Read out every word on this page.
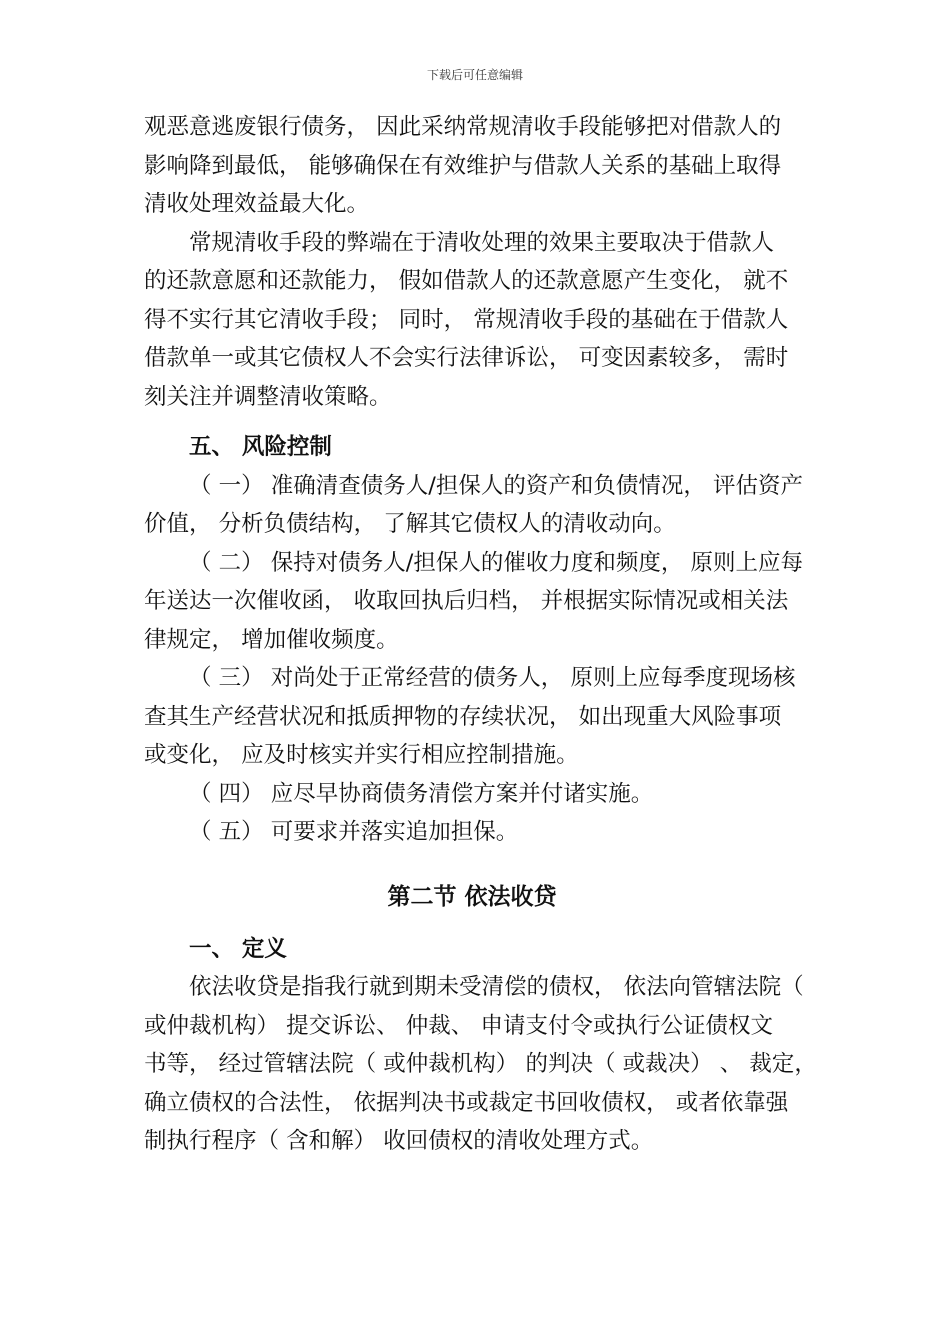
下载后可任意编辑
观恶意逃废银行债务， 因此采纳常规清收手段能够把对借款人的
影响降到最低， 能够确保在有效维护与借款人关系的基础上取得
清收处理效益最大化。
常规清收手段的弊端在于清收处理的效果主要取决于借款人
的还款意愿和还款能力， 假如借款人的还款意愿产生变化， 就不
得不实行其它清收手段； 同时， 常规清收手段的基础在于借款人
借款单一或其它债权人不会实行法律诉讼， 可变因素较多， 需时
刻关注并调整清收策略。
五、 风险控制
（ 一） 准确清查债务人/担保人的资产和负债情况， 评估资产
价值， 分析负债结构， 了解其它债权人的清收动向。
（ 二） 保持对债务人/担保人的催收力度和频度， 原则上应每
年送达一次催收函， 收取回执后归档， 并根据实际情况或相关法
律规定， 增加催收频度。
（ 三） 对尚处于正常经营的债务人， 原则上应每季度现场核
查其生产经营状况和抵质押物的存续状况， 如出现重大风险事项
或变化， 应及时核实并实行相应控制措施。
（ 四） 应尽早协商债务清偿方案并付诸实施。
（ 五） 可要求并落实追加担保。
第二节 依法收贷
一、 定义
依法收贷是指我行就到期未受清偿的债权， 依法向管辖法院（
或仲裁机构） 提交诉讼、 仲裁、 申请支付令或执行公证债权文
书等， 经过管辖法院（ 或仲裁机构） 的判决（ 或裁决） 、 裁定，
确立债权的合法性， 依据判决书或裁定书回收债权， 或者依靠强
制执行程序（ 含和解） 收回债权的清收处理方式。
